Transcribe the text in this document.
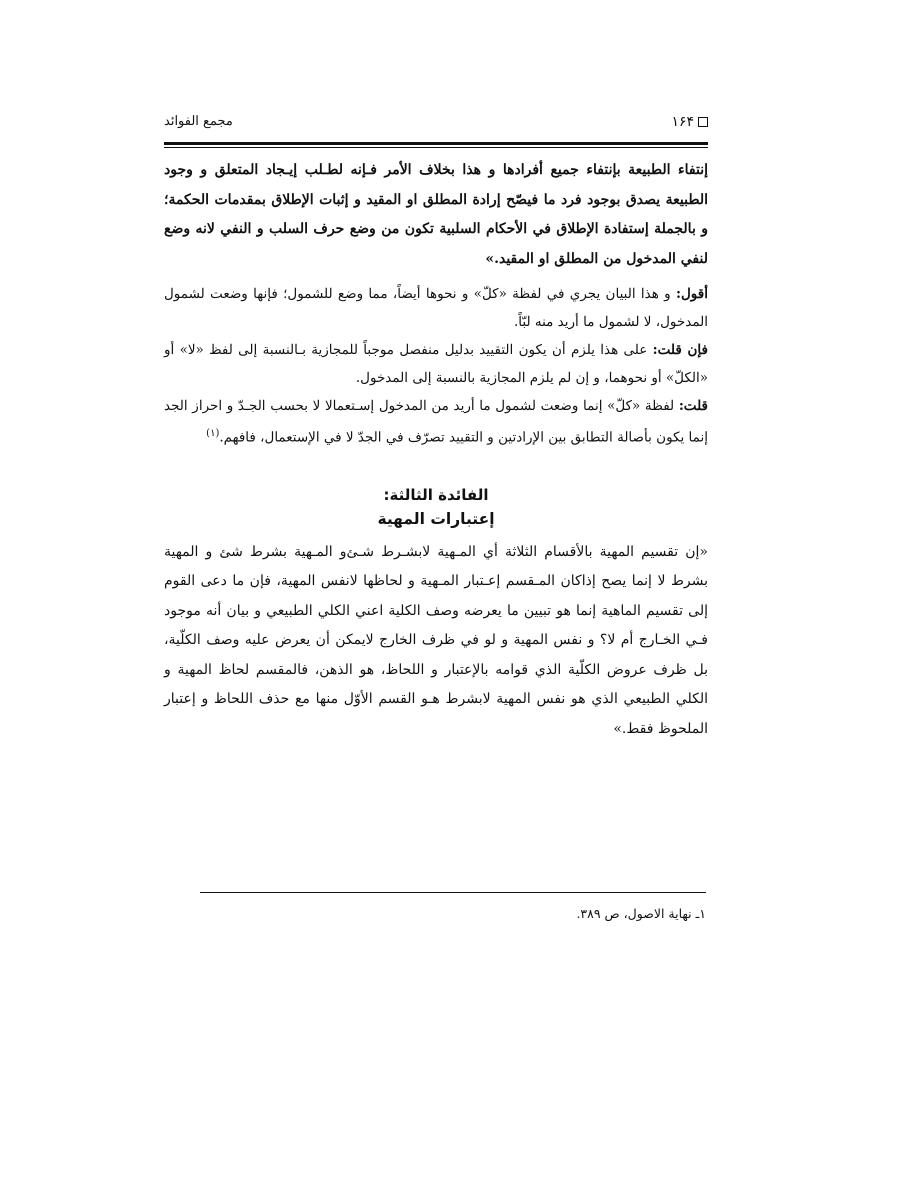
١۶۴
مجمع الفوائد
إنتفاء الطبيعة بإنتفاء جميع أفرادها و هذا بخلاف الأمر فـإنه لطـلب إيـجاد المتعلق و وجود الطبيعة يصدق بوجود فرد ما فيصّح إرادة المطلق او المقيد و إثبات الإطلاق بمقدمات الحكمة؛ و بالجملة إستفادة الإطلاق في الأحكام السلبية تكون من وضع حرف السلب و النفي لانه وضع لنفي المدخول من المطلق او المقيد.»

أقول: و هذا البيان يجري في لفظة «كلّ» و نحوها أيضاً، مما وضع للشمول؛ فإنها وضعت لشمول المدخول، لا لشمول ما أريد منه لبّاً.

فإن قلت: على هذا يلزم أن يكون التقييد بدليل منفصل موجباً للمجازية بـالنسبة إلى لفظ «لا» أو «الكلّ» أو نحوهما، و إن لم يلزم المجازية بالنسبة إلى المدخول.

قلت: لفظة «كلّ» إنما وضعت لشمول ما أريد من المدخول إسـتعمالا لا بحسب الجـدّ و احراز الجد إنما يكون بأصالة التطابق بين الإرادتين و التقييد تصرّف في الجدّ لا في الإستعمال، فافهم.$^{(١)}$

الفائدة الثالثة:
إعتبارات المهية
«إن تقسيم المهية بالأقسام الثلاثة أي المـهية لابشـرط شـئ‌و المـهية بشرط شئ و المهية بشرط لا إنما يصح إذاكان المـقسم إعـتبار المـهية و لحاظها لانفس المهية، فإن ما دعى القوم إلى تقسيم الماهية إنما هو تبيين ما يعرضه وصف الكلية اعني الكلي الطبيعي و بيان أنه موجود فـي الخـارج أم لا؟ و نفس المهية و لو في ظرف الخارج لايمكن أن يعرض عليه وصف الكلّية، بل ظرف عروض الكلّية الذي قوامه بالإعتبار و اللحاظ، هو الذهن، فالمقسم لحاظ المهية و الكلي الطبيعي الذي هو نفس المهية لابشرط هـو القسم الأوّل منها مع حذف اللحاظ و إعتبار الملحوظ فقط.»
١ـ نهاية الاصول، ص ٣٨٩.
